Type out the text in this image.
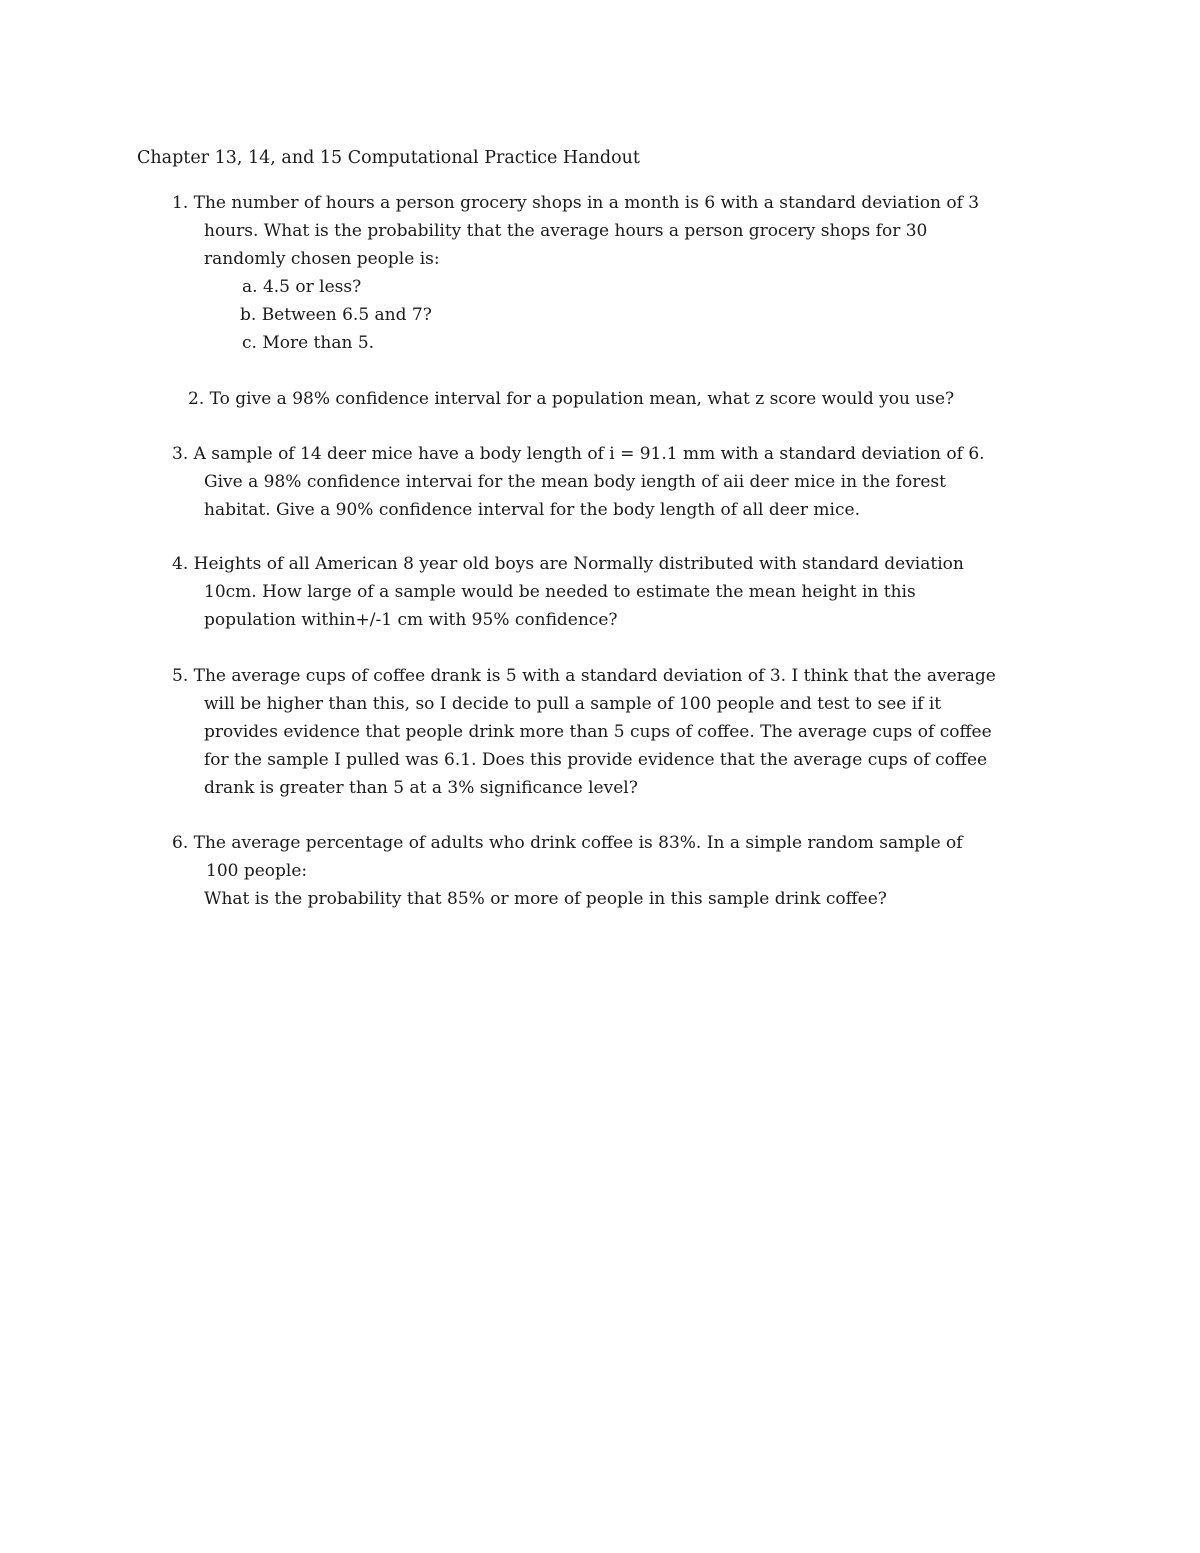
Chapter 13, 14, and 15 Computational Practice Handout
1. The number of hours a person grocery shops in a month is 6 with a standard deviation of 3
hours. What is the probability that the average hours a person grocery shops for 30
randomly chosen people is:
a. 4.5 or less?
b. Between 6.5 and 7?
c. More than 5.
2. To give a 98% confidence interval for a population mean, what z score would you use?
3. A sample of 14 deer mice have a body length of i = 91.1 mm with a standard deviation of 6.
Give a 98% confidence intervai for the mean body iength of aii deer mice in the forest
habitat. Give a 90% confidence interval for the body length of all deer mice.
4. Heights of all American 8 year old boys are Normally distributed with standard deviation
10cm. How large of a sample would be needed to estimate the mean height in this
population within+/-1 cm with 95% confidence?
5. The average cups of coffee drank is 5 with a standard deviation of 3. I think that the average
will be higher than this, so I decide to pull a sample of 100 people and test to see if it
provides evidence that people drink more than 5 cups of coffee. The average cups of coffee
for the sample I pulled was 6.1. Does this provide evidence that the average cups of coffee
drank is greater than 5 at a 3% significance level?
6. The average percentage of adults who drink coffee is 83%. In a simple random sample of
100 people:
What is the probability that 85% or more of people in this sample drink coffee?
